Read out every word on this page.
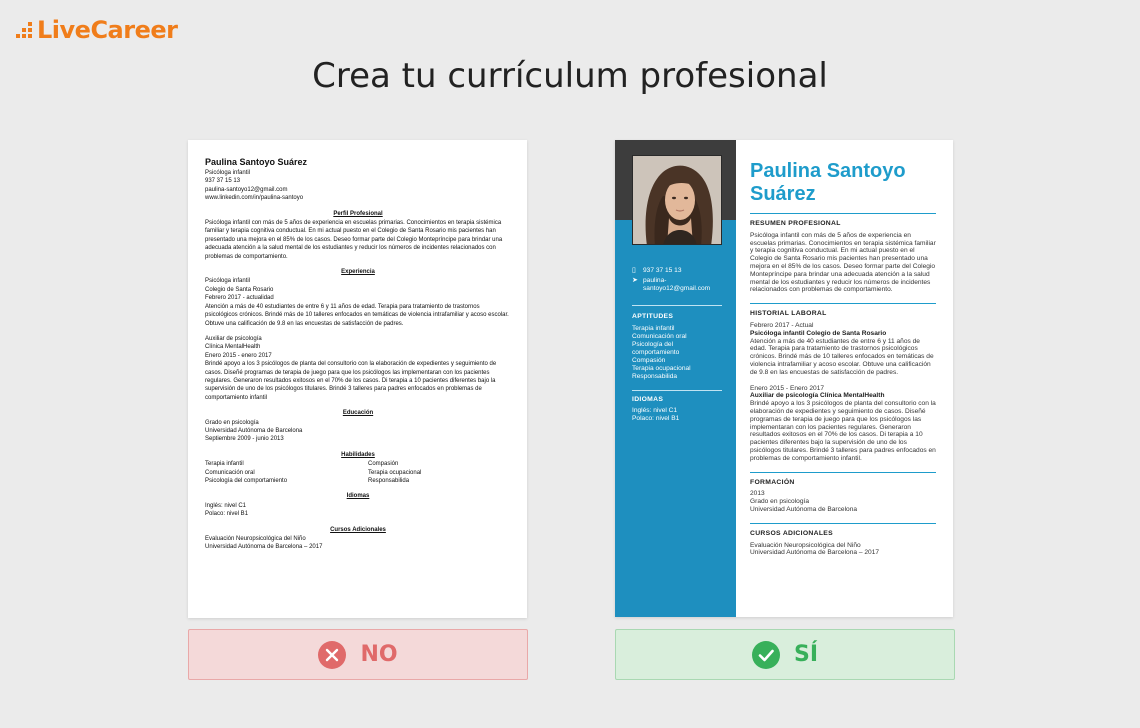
LiveCareer
Crea tu currículum profesional
Paulina Santoyo Suárez
Psicóloga infantil
937 37 15 13
paulina-santoyo12@gmail.com
www.linkedin.com/in/paulina-santoyo
Perfil Profesional
Psicóloga infantil con más de 5 años de experiencia en escuelas primarias. Conocimientos en terapia sistémica familiar y terapia cognitiva conductual. En mi actual puesto en el Colegio de Santa Rosario mis pacientes han presentado una mejora en el 85% de los casos. Deseo formar parte del Colegio Montepríncipe para brindar una adecuada atención a la salud mental de los estudiantes y reducir los números de incidentes relacionados con problemas de comportamiento.
Experiencia
Psicóloga infantil
Colegio de Santa Rosario
Febrero 2017 - actualidad
Atención a más de 40 estudiantes de entre 6 y 11 años de edad. Terapia para tratamiento de trastornos psicológicos crónicos. Brindé más de 10 talleres enfocados en temáticas de violencia intrafamiliar y acoso escolar. Obtuve una calificación de 9.8 en las encuestas de satisfacción de padres.
Auxiliar de psicología
Clínica MentalHealth
Enero 2015 - enero 2017
Brindé apoyo a los 3 psicólogos de planta del consultorio con la elaboración de expedientes y seguimiento de casos. Diseñé programas de terapia de juego para que los psicólogos las implementaran con los pacientes regulares. Generaron resultados exitosos en el 70% de los casos. Di terapia a 10 pacientes diferentes bajo la supervisión de uno de los psicólogos titulares. Brindé 3 talleres para padres enfocados en problemas de comportamiento infantil
Educación
Grado en psicología
Universidad Autónoma de Barcelona
Septiembre 2009 - junio 2013
Habilidades
Terapia infantil
Comunicación oral
Psicología del comportamiento
Compasión
Terapia ocupacional
Responsabilida
Idiomas
Inglés: nivel C1
Polaco: nivel B1
Cursos Adicionales
Evaluación Neuropsicológica del Niño
Universidad Autónoma de Barcelona – 2017
▯	937 37 15 13
➤ paulina-
santoyo12@gmail.com
APTITUDES
Terapia infantil
Comunicación oral
Psicología del
comportamiento
Compasión
Terapia ocupacional
Responsabilida
IDIOMAS
Inglés: nivel C1
Polaco: nivel B1
Paulina Santoyo
Suárez
RESUMEN PROFESIONAL
Psicóloga infantil con más de 5 años de experiencia en escuelas primarias. Conocimientos en terapia sistémica familiar y terapia cognitiva conductual. En mi actual puesto en el Colegio de Santa Rosario mis pacientes han presentado una mejora en el 85% de los casos. Deseo formar parte del Colegio Montepríncipe para brindar una adecuada atención a la salud mental de los estudiantes y reducir los números de incidentes relacionados con problemas de comportamiento.
HISTORIAL LABORAL
Febrero 2017 - Actual
Psicóloga infantil Colegio de Santa Rosario
Atención a más de 40 estudiantes de entre 6 y 11 años de edad. Terapia para tratamiento de trastornos psicológicos crónicos. Brindé más de 10 talleres enfocados en temáticas de violencia intrafamiliar y acoso escolar. Obtuve una calificación de 9.8 en las encuestas de satisfacción de padres.
Enero 2015 - Enero 2017
Auxiliar de psicología Clínica MentalHealth
Brindé apoyo a los 3 psicólogos de planta del consultorio con la elaboración de expedientes y seguimiento de casos. Diseñé programas de terapia de juego para que los psicólogos las implementaran con los pacientes regulares. Generaron resultados exitosos en el 70% de los casos. Di terapia a 10 pacientes diferentes bajo la supervisión de uno de los psicólogos titulares. Brindé 3 talleres para padres enfocados en problemas de comportamiento infantil.
FORMACIÓN
2013
Grado en psicología
Universidad Autónoma de Barcelona
CURSOS ADICIONALES
Evaluación Neuropsicológica del Niño
Universidad Autónoma de Barcelona – 2017
NO	SÍ
